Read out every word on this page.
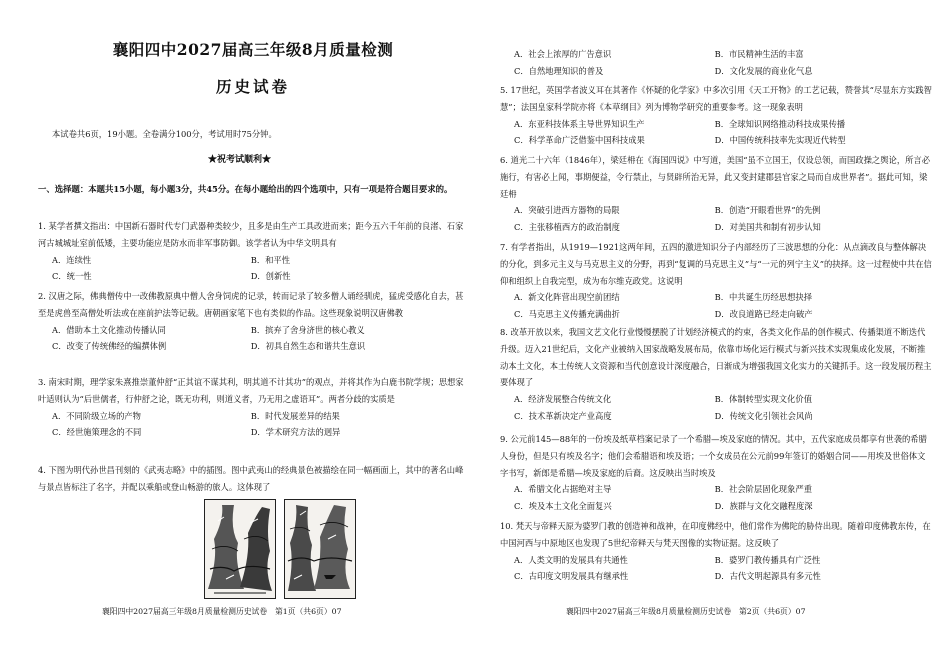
襄阳四中2027届高三年级8月质量检测
历史试卷
本试卷共6页，19小题。全卷满分100分，考试用时75分钟。
★祝考试顺利★
一、选择题：本题共15小题，每小题3分，共45分。在每小题给出的四个选项中，只有一项是符合题目要求的。

1. 某学者撰文指出：中国新石器时代专门武器种类较少，且多是由生产工具改进而来；距今五六千年前的良渚、石家河古城城址室前低矮，主要功能应是防水而非军事防御。该学者认为中华文明具有

A．连续性	B．和平性
C．统一性	D．创新性

2. 汉唐之际，佛典僧传中一改佛教原典中僧人舍身饲虎的记录，转而记录了较多僧人诵经驯虎，猛虎受感化自去，甚至是虎兽至高僧处听法或在座前护法等记载。唐朝画家笔下也有类似的作品。这些现象说明汉唐佛教

A．借助本土文化推动传播认同	B．摈弃了舍身济世的核心教义
C．改变了传统佛经的编撰体例	D．初具自然生态和谐共生意识

3. 南宋时期，理学家朱熹推崇董仲舒“正其谊不谋其利，明其道不计其功”的观点，并将其作为白鹿书院学规；思想家叶适则认为“后世儒者，行仲舒之论，既无功利，则道义者，乃无用之虚语耳”。两者分歧的实质是

A．不同阶级立场的产物	B．时代发展差异的结果
C．经世施策理念的不同	D．学术研究方法的迥异

4. 下图为明代孙世昌刊刻的《武夷志略》中的插图。图中武夷山的经典景色被描绘在同一幅画面上，其中的著名山峰与景点皆标注了名字，并配以乘船或登山畅游的旅人。这体现了

襄阳四中2027届高三年级8月质量检测历史试卷　第1页（共6页）07
A．社会上浓厚的广告意识	B．市民精神生活的丰富
C．自然地理知识的普及	D．文化发展的商业化气息

5. 17世纪，英国学者波义耳在其著作《怀疑的化学家》中多次引用《天工开物》的工艺记载，赞誉其“尽显东方实践智慧”；法国皇家科学院亦将《本草纲目》列为博物学研究的重要参考。这一现象表明

A．东亚科技体系主导世界知识生产	B．全球知识网络推动科技成果传播
C．科学革命广泛借鉴中国科技成果	D．中国传统科技率先实现近代转型

6. 道光二十六年（1846年），梁廷枏在《海国四说》中写道，美国“虽不立国王，仅设总领，而国政操之舆论，所言必施行，有害必上闻，事期便益，令行禁止，与贤辟所治无异，此又变封建郡县官家之局而自成世界者”。据此可知，梁廷枏

A．突破引进西方器物的局限	B．创造“开眼看世界”的先例
C．主张移植西方的政治制度	D．对美国共和制有初步认知

7. 有学者指出，从1919—1921这两年间，五四的激进知识分子内部经历了三波思想的分化：从点滴改良与整体解决的分化，到多元主义与马克思主义的分野，再到“复调的马克思主义”与“一元的列宁主义”的抉择。这一过程使中共在信仰和组织上自我完型，成为布尔维克政党。这说明

A．新文化阵营出现空前团结	B．中共诞生历经思想抉择
C．马克思主义传播充满曲折	D．改良道路已经走向破产

8. 改革开放以来，我国文艺文化行业慢慢摆脱了计划经济模式的约束，各类文化作品的创作模式、传播渠道不断迭代升级。迈入21世纪后，文化产业被纳入国家战略发展布局，依靠市场化运行模式与新兴技术实现集成化发展，不断推动本土文化，本土传统人文资源和当代创意设计深度融合，日渐成为增强我国文化实力的关键抓手。这一段发展历程主要体现了

A．经济发展整合传统文化	B．体制转型实现文化价值
C．技术革新决定产业高度	D．传统文化引领社会风尚

9. 公元前145—88年的一份埃及纸草档案记录了一个希腊—埃及家庭的情况。其中，五代家庭成员都享有世袭的希腊人身份，但是只有埃及名字；他们会希腊语和埃及语；一个女成员在公元前99年签订的婚姻合同——用埃及世俗体文字书写，新郎是希腊—埃及家庭的后裔。这反映出当时埃及

A．希腊文化占据绝对主导	B．社会阶层固化现象严重
C．埃及本土文化全面复兴	D．族群与文化交融程度深

10. 梵天与帝释天原为婆罗门教的创造神和战神，在印度佛经中，他们常作为佛陀的胁侍出现。随着印度佛教东传，在中国河西与中原地区也发现了5世纪帝释天与梵天图像的实物证据。这反映了

A．人类文明的发展具有共通性	B．婆罗门教传播具有广泛性
C．古印度文明发展具有继承性	D．古代文明起源具有多元性
襄阳四中2027届高三年级8月质量检测历史试卷　第2页（共6页）07
